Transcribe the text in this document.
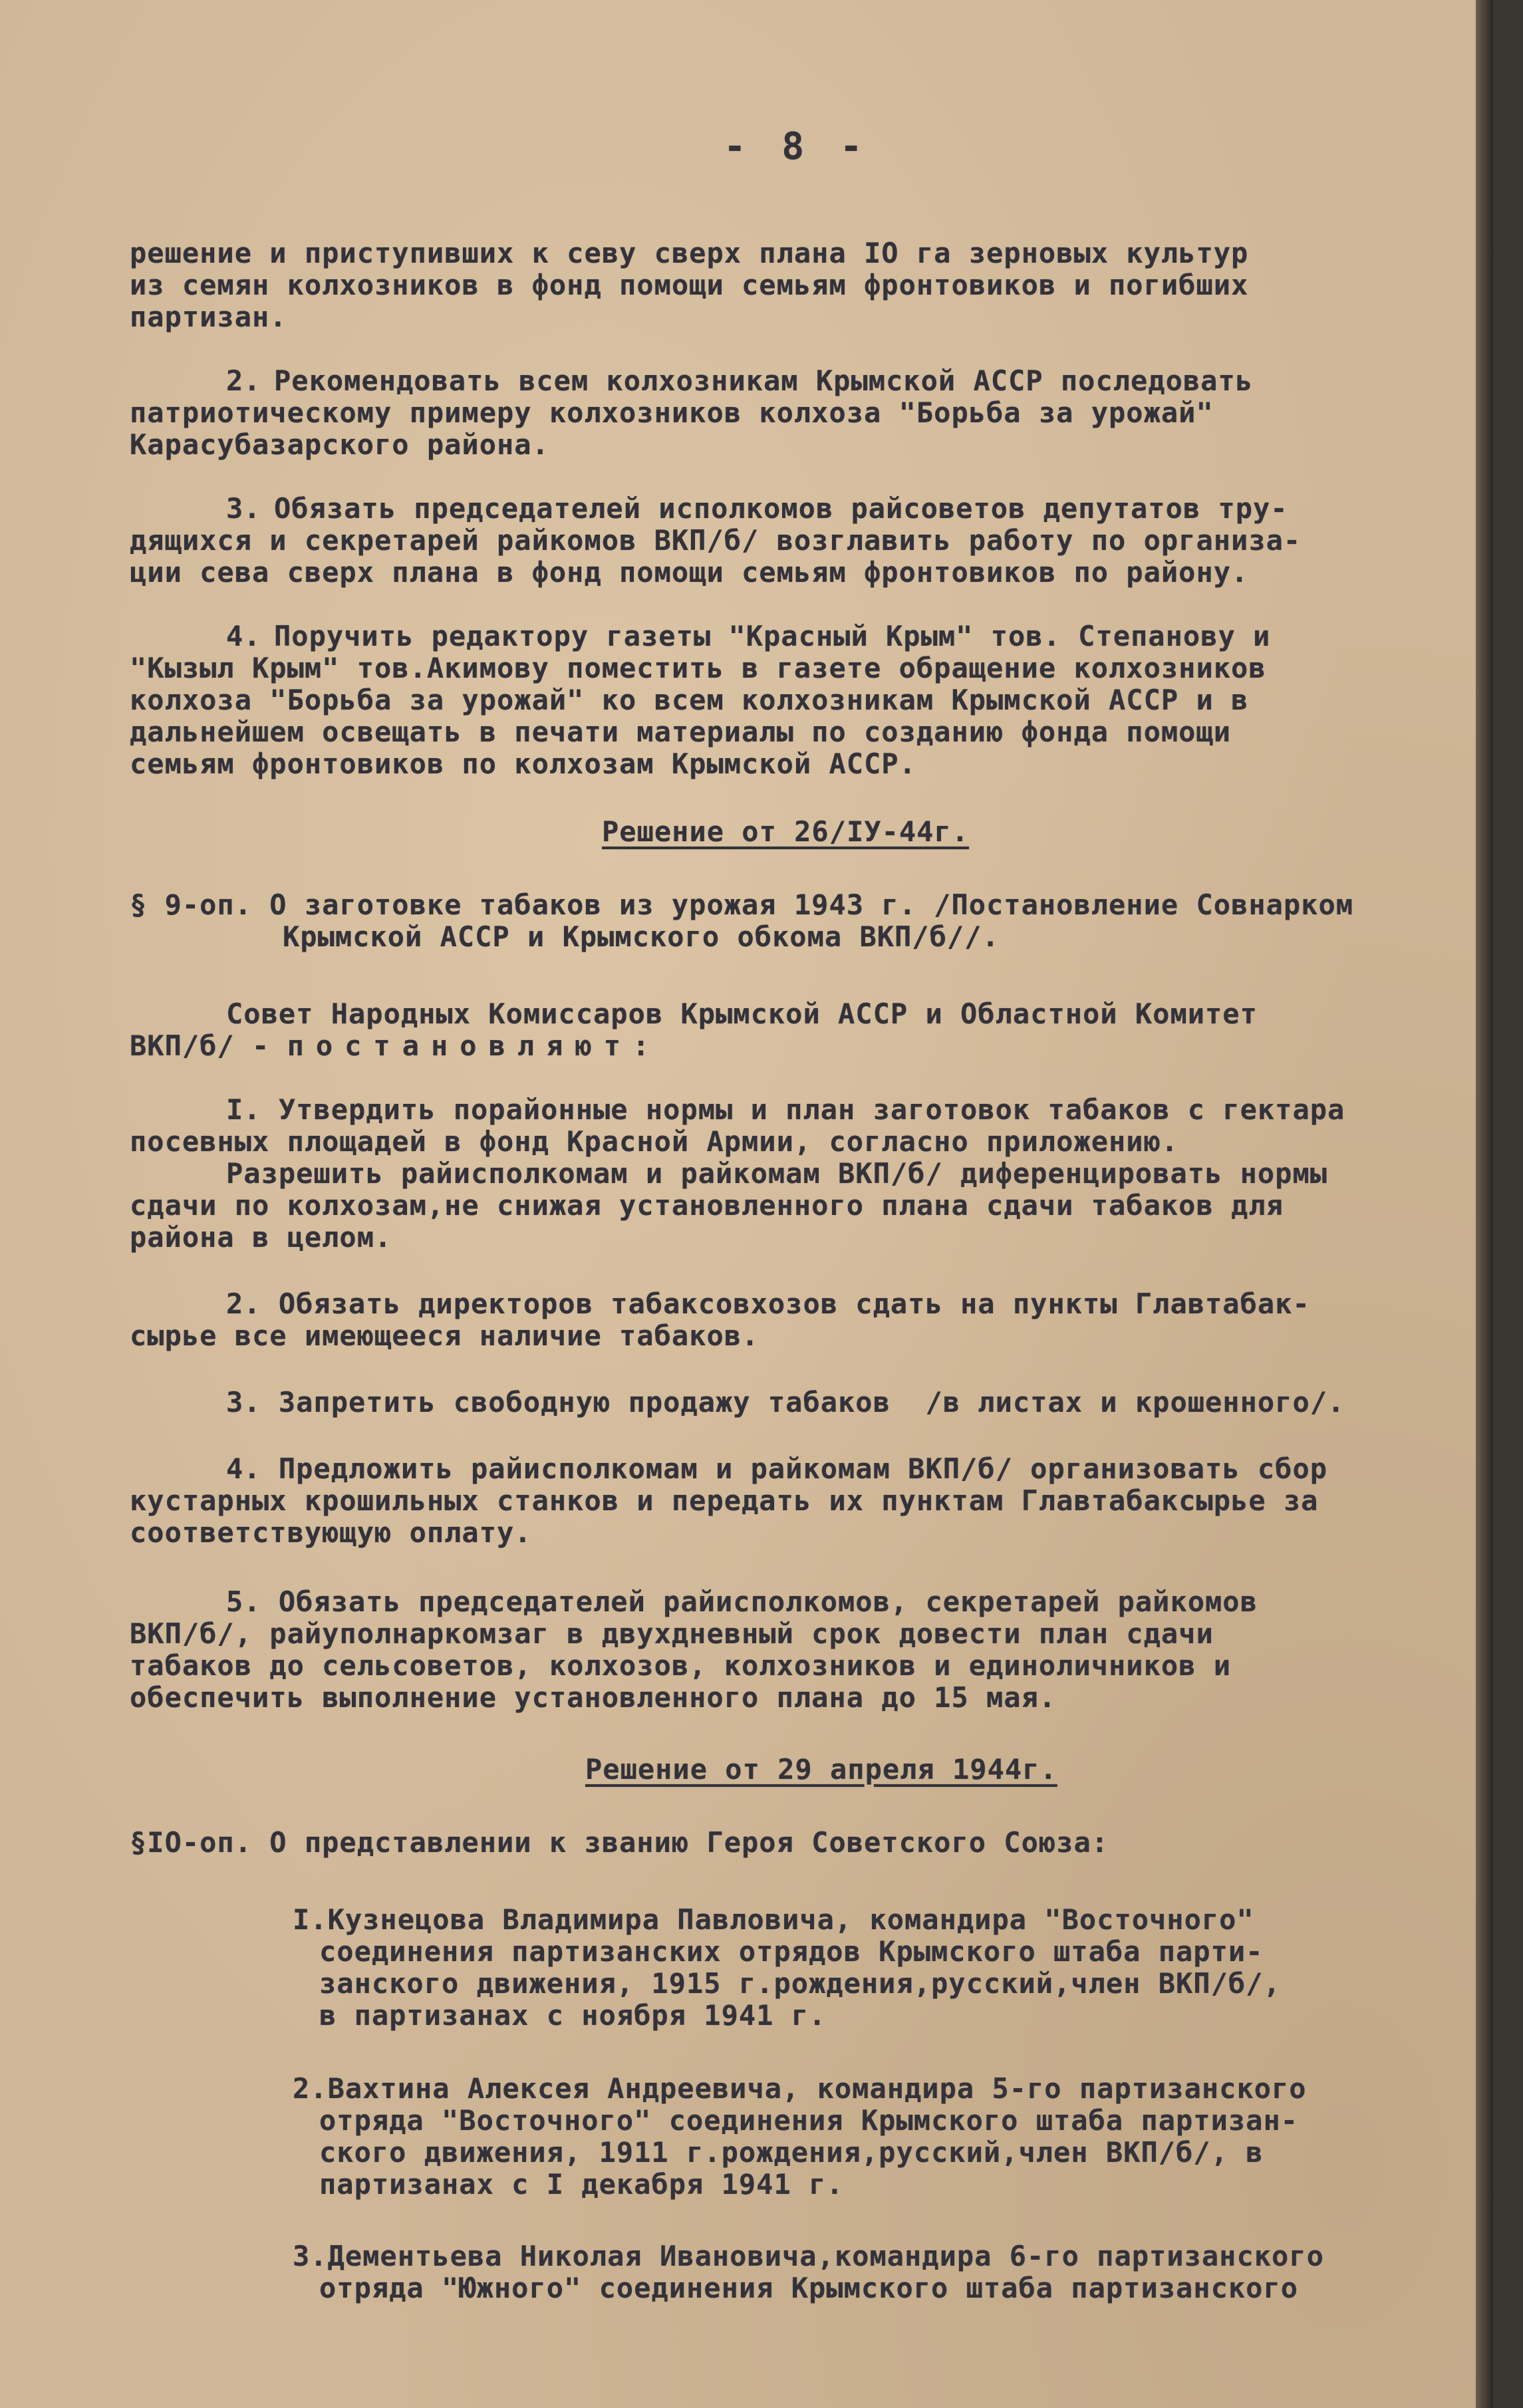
- 8 -
решение и приступивших к севу сверх плана IO га зерновых культур
из семян колхозников в фонд помощи семьям фронтовиков и погибших
партизан.
2. Рекомендовать всем колхозникам Крымской АССР последовать
патриотическому примеру колхозников колхоза "Борьба за урожай"
Карасубазарского района.
3. Обязать председателей исполкомов райсоветов депутатов тру-
дящихся и секретарей райкомов ВКП/б/ возглавить работу по организа-
ции сева сверх плана в фонд помощи семьям фронтовиков по району.
4. Поручить редактору газеты "Красный Крым" тов. Степанову и
"Кызыл Крым" тов.Акимову поместить в газете обращение колхозников
колхоза "Борьба за урожай" ко всем колхозникам Крымской АССР и в
дальнейшем освещать в печати материалы по созданию фонда помощи
семьям фронтовиков по колхозам Крымской АССР.
Решение от 26/IУ-44г.
§ 9-оп. О заготовке табаков из урожая 1943 г. /Постановление Совнарком
Крымской АССР и Крымского обкома ВКП/б//.
Совет Народных Комиссаров Крымской АССР и Областной Комитет
ВКП/б/ - постановляют:
I. Утвердить порайонные нормы и план заготовок табаков с гектара
посевных площадей в фонд Красной Армии, согласно приложению.
Разрешить райисполкомам и райкомам ВКП/б/ диференцировать нормы
сдачи по колхозам,не снижая установленного плана сдачи табаков для
района в целом.
2. Обязать директоров табаксовхозов сдать на пункты Главтабак-
сырье все имеющееся наличие табаков.
3. Запретить свободную продажу табаков  /в листах и крошенного/.
4. Предложить райисполкомам и райкомам ВКП/б/ организовать сбор
кустарных крошильных станков и передать их пунктам Главтабаксырье за
соответствующую оплату.
5. Обязать председателей райисполкомов, секретарей райкомов
ВКП/б/, райуполнаркомзаг в двухдневный срок довести план сдачи
табаков до сельсоветов, колхозов, колхозников и единоличников и
обеспечить выполнение установленного плана до 15 мая.
Решение от 29 апреля 1944г.
§IO-оп. О представлении к званию Героя Советского Союза:
I.Кузнецова Владимира Павловича, командира "Восточного"
соединения партизанских отрядов Крымского штаба парти-
занского движения, 1915 г.рождения,русский,член ВКП/б/,
в партизанах с ноября 1941 г.
2.Вахтина Алексея Андреевича, командира 5-го партизанского
отряда "Восточного" соединения Крымского штаба партизан-
ского движения, 1911 г.рождения,русский,член ВКП/б/, в
партизанах с I декабря 1941 г.
3.Дементьева Николая Ивановича,командира 6-го партизанского
отряда "Южного" соединения Крымского штаба партизанского
